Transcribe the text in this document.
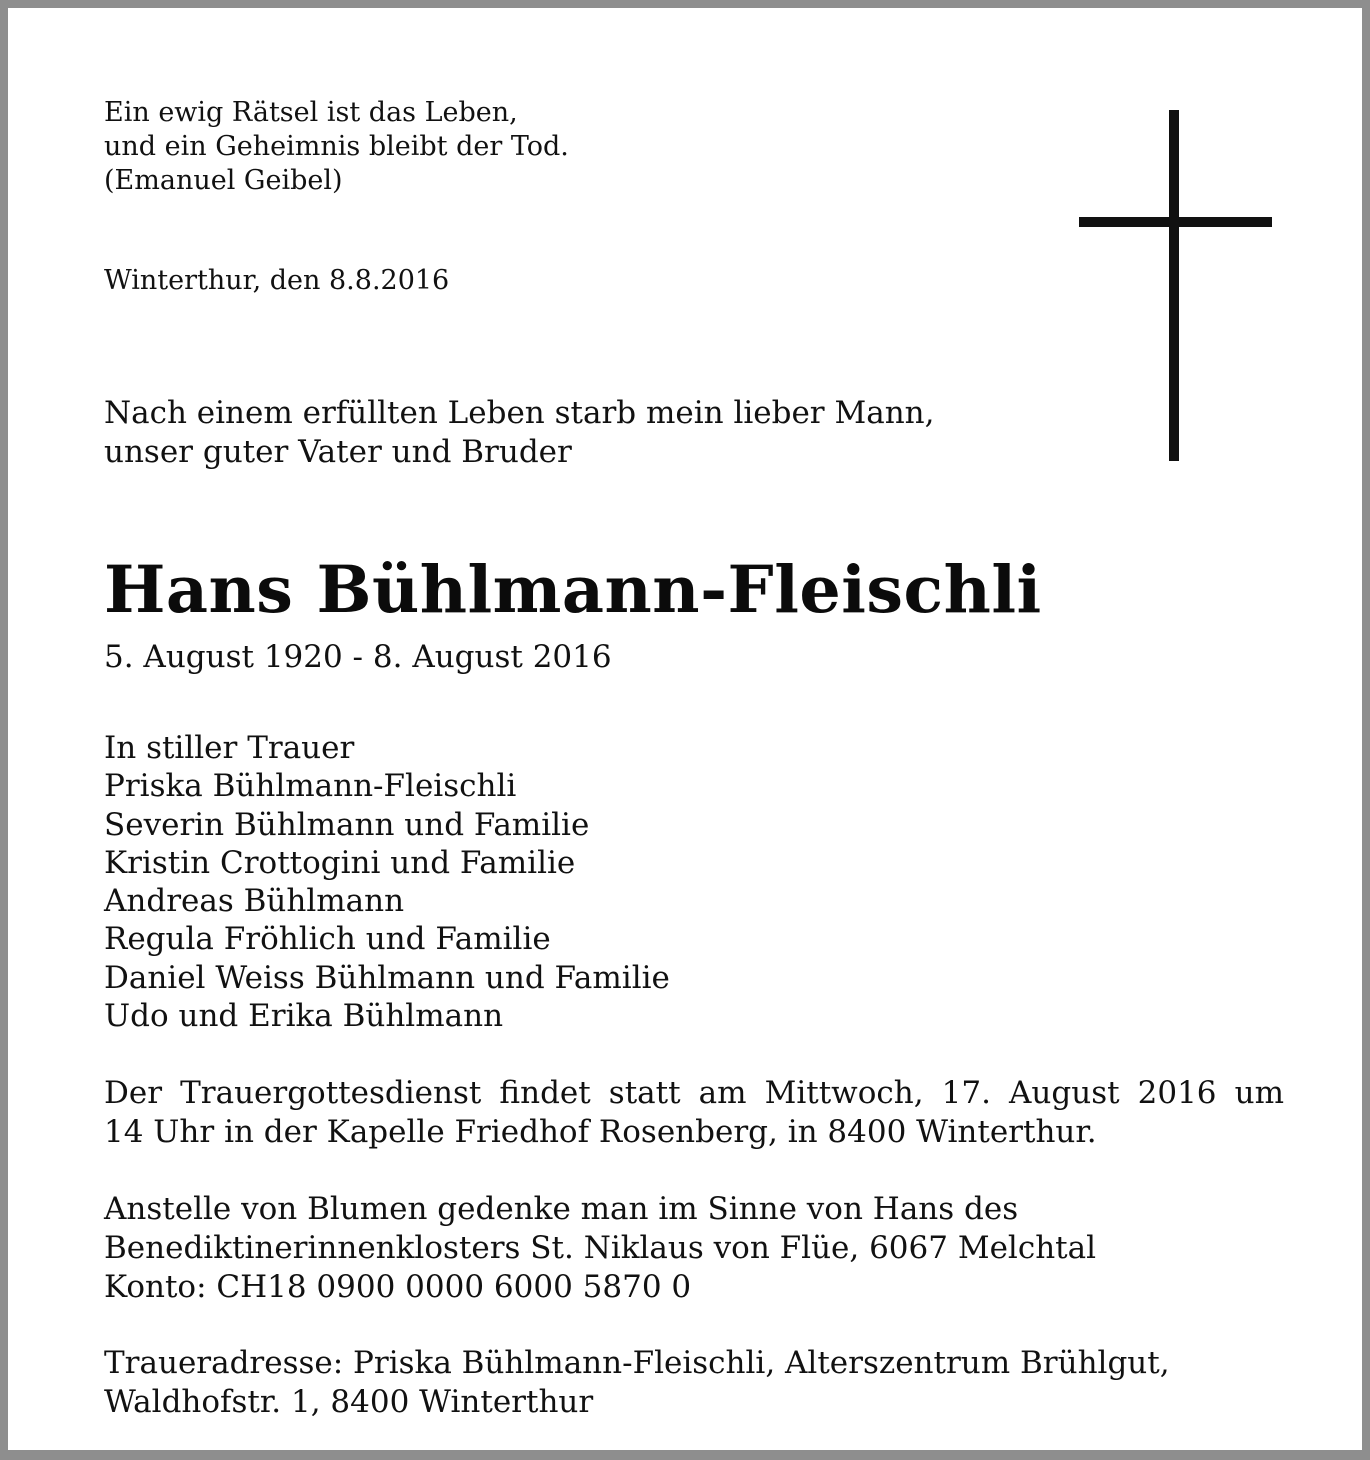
Ein ewig Rätsel ist das Leben,
und ein Geheimnis bleibt der Tod.
(Emanuel Geibel)
Winterthur, den 8.8.2016
Nach einem erfüllten Leben starb mein lieber Mann,
unser guter Vater und Bruder
Hans Bühlmann-Fleischli
5. August 1920 - 8. August 2016
In stiller Trauer
Priska Bühlmann-Fleischli
Severin Bühlmann und Familie
Kristin Crottogini und Familie
Andreas Bühlmann
Regula Fröhlich und Familie
Daniel Weiss Bühlmann und Familie
Udo und Erika Bühlmann
Der Trauergottesdienst findet statt am Mittwoch, 17. August 2016 um
14 Uhr in der Kapelle Friedhof Rosenberg, in 8400 Winterthur.
Anstelle von Blumen gedenke man im Sinne von Hans des
Benediktinerinnenklosters St. Niklaus von Flüe, 6067 Melchtal
Konto: CH18 0900 0000 6000 5870 0
Traueradresse: Priska Bühlmann-Fleischli, Alterszentrum Brühlgut,
Waldhofstr. 1, 8400 Winterthur
